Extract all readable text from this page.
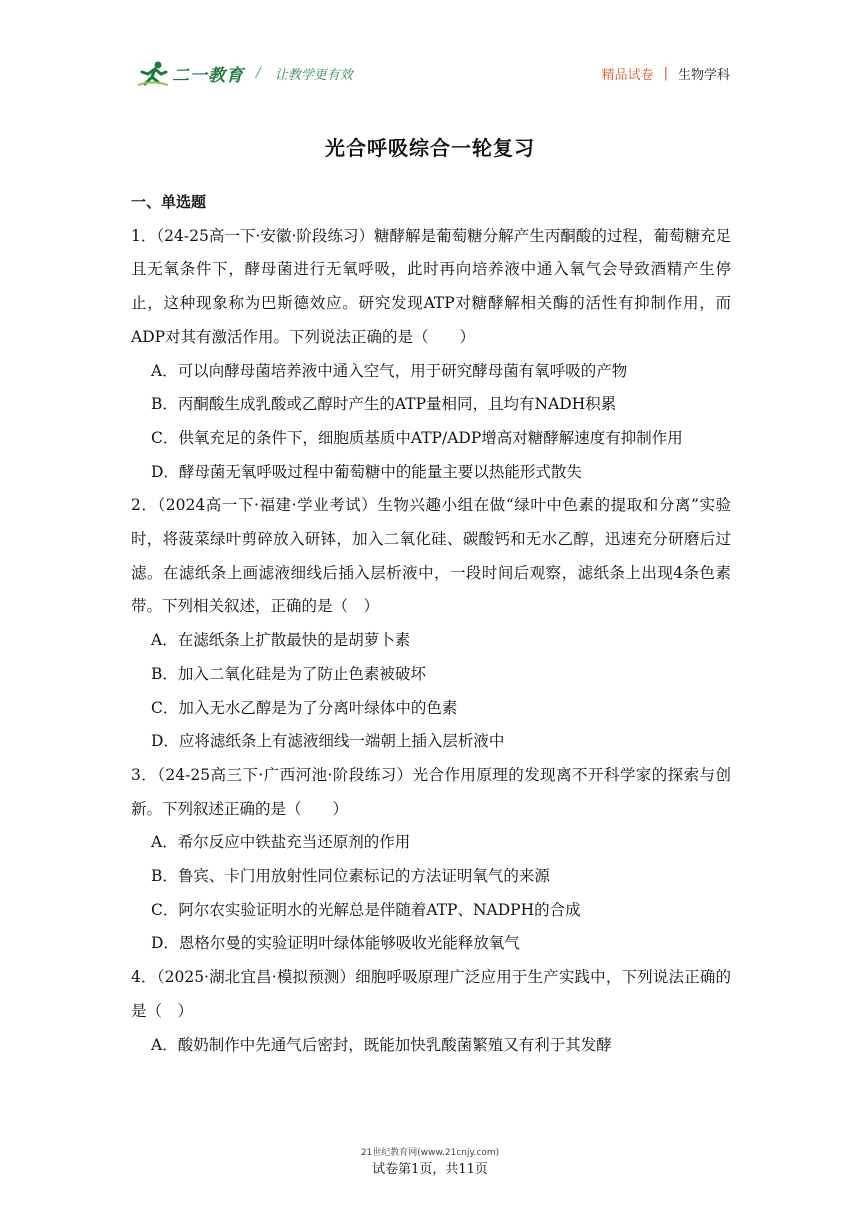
二一教育 / 让教学更有效	精品试卷 | 生物学科
光合呼吸综合一轮复习
一、单选题
1．（24-25高一下·安徽·阶段练习）糖酵解是葡萄糖分解产生丙酮酸的过程，葡萄糖充足且无氧条件下，酵母菌进行无氧呼吸，此时再向培养液中通入氧气会导致酒精产生停止，这种现象称为巴斯德效应。研究发现ATP对糖酵解相关酶的活性有抑制作用，而ADP对其有激活作用。下列说法正确的是（　　）
A．可以向酵母菌培养液中通入空气，用于研究酵母菌有氧呼吸的产物
B．丙酮酸生成乳酸或乙醇时产生的ATP量相同，且均有NADH积累
C．供氧充足的条件下，细胞质基质中ATP/ADP增高对糖酵解速度有抑制作用
D．酵母菌无氧呼吸过程中葡萄糖中的能量主要以热能形式散失
2．（2024高一下·福建·学业考试）生物兴趣小组在做“绿叶中色素的提取和分离”实验时，将菠菜绿叶剪碎放入研钵，加入二氧化硅、碳酸钙和无水乙醇，迅速充分研磨后过滤。在滤纸条上画滤液细线后插入层析液中，一段时间后观察，滤纸条上出现4条色素带。下列相关叙述，正确的是（　）
A．在滤纸条上扩散最快的是胡萝卜素
B．加入二氧化硅是为了防止色素被破坏
C．加入无水乙醇是为了分离叶绿体中的色素
D．应将滤纸条上有滤液细线一端朝上插入层析液中
3．（24-25高三下·广西河池·阶段练习）光合作用原理的发现离不开科学家的探索与创新。下列叙述正确的是（　　）
A．希尔反应中铁盐充当还原剂的作用
B．鲁宾、卡门用放射性同位素标记的方法证明氧气的来源
C．阿尔农实验证明水的光解总是伴随着ATP、NADPH的合成
D．恩格尔曼的实验证明叶绿体能够吸收光能释放氧气
4．（2025·湖北宜昌·模拟预测）细胞呼吸原理广泛应用于生产实践中，下列说法正确的是（　）
A．酸奶制作中先通气后密封，既能加快乳酸菌繁殖又有利于其发酵
21世纪教育网(www.21cnjy.com)
试卷第1页，共11页
